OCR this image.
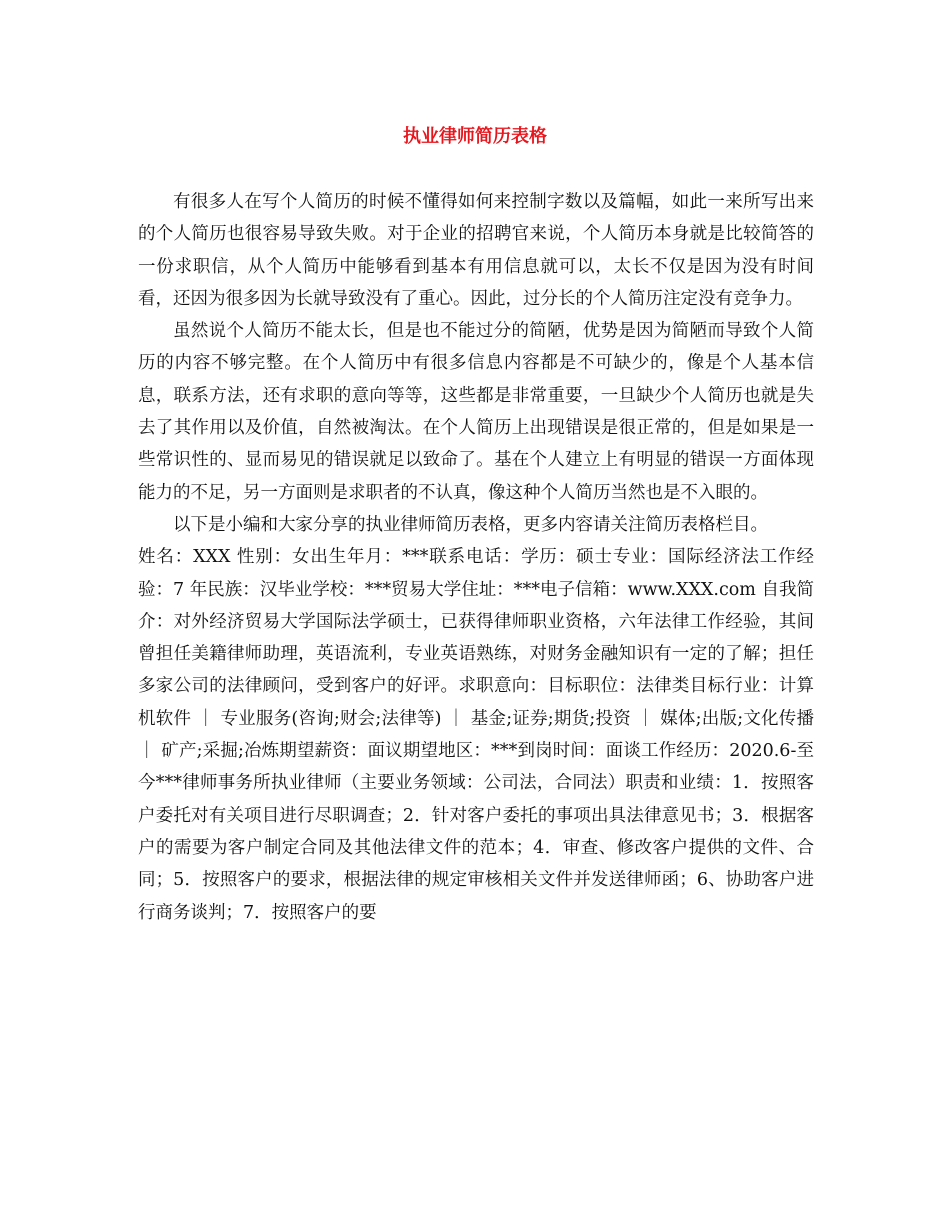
执业律师简历表格

有很多人在写个人简历的时候不懂得如何来控制字数以及篇幅，如此一来所写出来的个人简历也很容易导致失败。对于企业的招聘官来说，个人简历本身就是比较简答的一份求职信，从个人简历中能够看到基本有用信息就可以，太长不仅是因为没有时间看，还因为很多因为长就导致没有了重心。因此，过分长的个人简历注定没有竞争力。

虽然说个人简历不能太长，但是也不能过分的简陋，优势是因为简陋而导致个人简历的内容不够完整。在个人简历中有很多信息内容都是不可缺少的，像是个人基本信息，联系方法，还有求职的意向等等，这些都是非常重要，一旦缺少个人简历也就是失去了其作用以及价值，自然被淘汰。在个人简历上出现错误是很正常的，但是如果是一些常识性的、显而易见的错误就足以致命了。基在个人建立上有明显的错误一方面体现能力的不足，另一方面则是求职者的不认真，像这种个人简历当然也是不入眼的。

以下是小编和大家分享的执业律师简历表格，更多内容请关注简历表格栏目。

姓名：XXX 性别：女出生年月：***联系电话：学历：硕士专业：国际经济法工作经验：7 年民族：汉毕业学校：***贸易大学住址：***电子信箱：www.XXX.com 自我简介：对外经济贸易大学国际法学硕士，已获得律师职业资格，六年法律工作经验，其间曾担任美籍律师助理，英语流利，专业英语熟练，对财务金融知识有一定的了解；担任多家公司的法律顾问，受到客户的好评。求职意向：目标职位：法律类目标行业：计算机软件 ｜ 专业服务(咨询;财会;法律等) ｜ 基金;证券;期货;投资 ｜ 媒体;出版;文化传播 ｜ 矿产;采掘;冶炼期望薪资：面议期望地区：***到岗时间：面谈工作经历：2020.6-至今***律师事务所执业律师（主要业务领域：公司法，合同法）职责和业绩：1．按照客户委托对有关项目进行尽职调查；2．针对客户委托的事项出具法律意见书；3．根据客户的需要为客户制定合同及其他法律文件的范本；4．审查、修改客户提供的文件、合同；5．按照客户的要求，根据法律的规定审核相关文件并发送律师函；6、协助客户进行商务谈判；7．按照客户的要
